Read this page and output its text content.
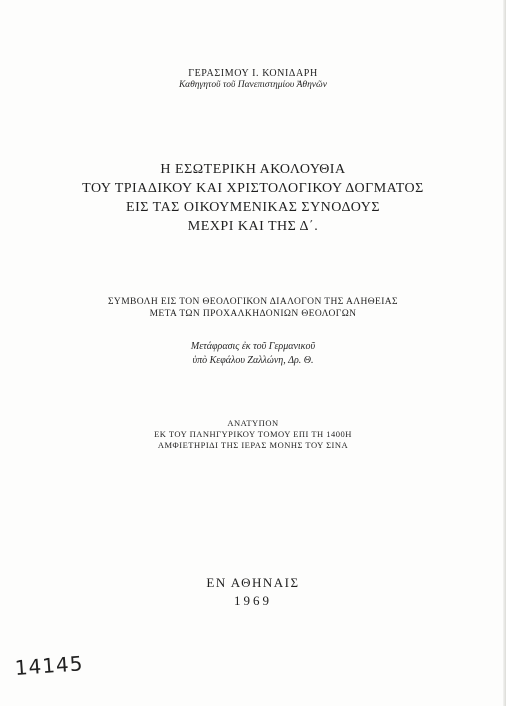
ΓΕΡΑΣΙΜΟΥ Ι. ΚΟΝΙΔΑΡΗ
Καθηγητοῦ τοῦ Πανεπιστημίου Ἀθηνῶν
Η ΕΣΩΤΕΡΙΚΗ ΑΚΟΛΟΥΘΙΑ
ΤΟΥ ΤΡΙΑΔΙΚΟΥ ΚΑΙ ΧΡΙΣΤΟΛΟΓΙΚΟΥ ΔΟΓΜΑΤΟΣ
ΕΙΣ ΤΑΣ ΟΙΚΟΥΜΕΝΙΚΑΣ ΣΥΝΟΔΟΥΣ
ΜΕΧΡΙ ΚΑΙ ΤΗΣ Δ΄.
ΣΥΜΒΟΛΗ ΕΙΣ ΤΟΝ ΘΕΟΛΟΓΙΚΟΝ ΔΙΑΛΟΓΟΝ ΤΗΣ ΑΛΗΘΕΙΑΣ
ΜΕΤΑ ΤΩΝ ΠΡΟΧΑΛΚΗΔΟΝΙΩΝ ΘΕΟΛΟΓΩΝ
Μετάφρασις ἐκ τοῦ Γερμανικοῦ
ὑπὸ Κεφάλου Ζαλλώνη, Δρ. Θ.
ΑΝΑΤΥΠΟΝ
ΕΚ ΤΟΥ ΠΑΝΗΓΥΡΙΚΟΥ ΤΟΜΟΥ ΕΠΙ ΤΗ 1400Η
ΑΜΦΙΕΤΗΡΙΔΙ ΤΗΣ ΙΕΡΑΣ ΜΟΝΗΣ ΤΟΥ ΣΙΝΑ
ΕΝ ΑΘΗΝΑΙΣ
1969
14145
